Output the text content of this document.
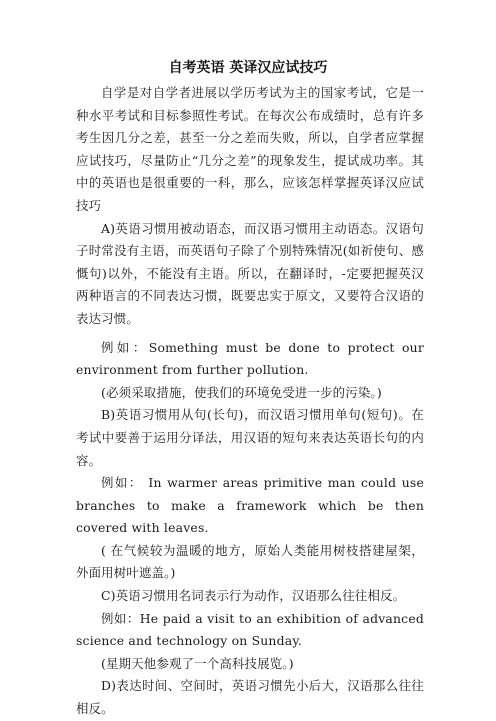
自考英语 英译汉应试技巧

自学是对自学者进展以学历考试为主的国家考试，它是一种水平考试和目标参照性考试。在每次公布成绩时，总有许多考生因几分之差，甚至一分之差而失败，所以，自学者应掌握应试技巧，尽量防止“几分之差”的现象发生，提试成功率。其中的英语也是很重要的一科，那么，应该怎样掌握英译汉应试技巧

A)英语习惯用被动语态，而汉语习惯用主动语态。汉语句子时常没有主语，而英语句子除了个别特殊情况(如祈使句、感慨句)以外，不能没有主语。所以，在翻译时，-定要把握英汉两种语言的不同表达习惯，既要忠实于原文，又要符合汉语的表达习惯。

例如：Something must be done to protect our environment from further pollution.

(必须采取措施，使我们的环境免受进一步的污染。)

B)英语习惯用从句(长句)，而汉语习惯用单句(短句)。在考试中要善于运用分译法，用汉语的短句来表达英语长句的内容。

例如： In warmer areas primitive man could use branches to make a framework which be then covered with leaves.

( 在气候较为温暖的地方，原始人类能用树枝搭建屋架，外面用树叶遮盖。)

C)英语习惯用名词表示行为动作，汉语那么往往相反。

例如：He paid a visit to an exhibition of advanced science and technology on Sunday.

(星期天他参观了一个高科技展览。)

D)表达时间、空间时，英语习惯先小后大，汉语那么往往相反。
